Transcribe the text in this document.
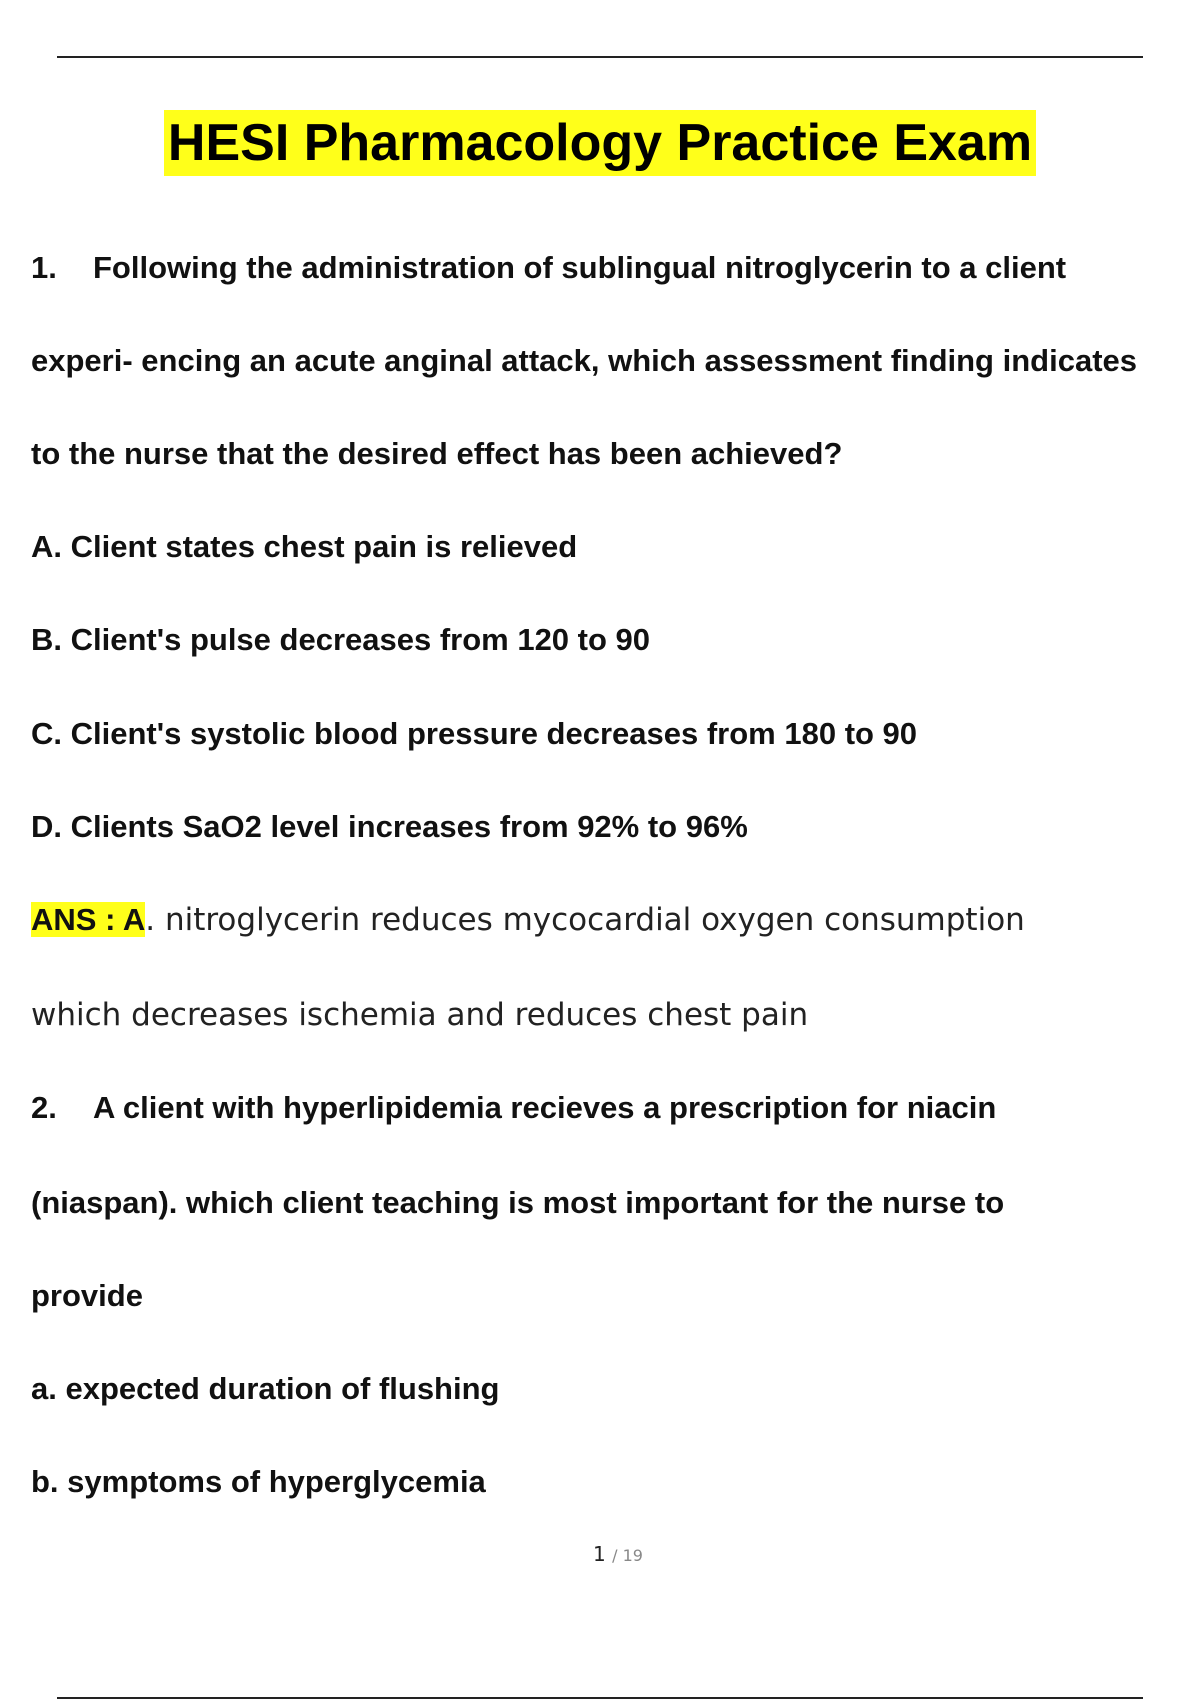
HESI Pharmacology Practice Exam
1. Following the administration of sublingual nitroglycerin to a client
experi- encing an acute anginal attack, which assessment finding indicates
to the nurse that the desired effect has been achieved?
A. Client states chest pain is relieved
B. Client's pulse decreases from 120 to 90
C. Client's systolic blood pressure decreases from 180 to 90
D. Clients SaO2 level increases from 92% to 96%
ANS : A. nitroglycerin reduces mycocardial oxygen consumption
which decreases ischemia and reduces chest pain
2. A client with hyperlipidemia recieves a prescription for niacin
(niaspan). which client teaching is most important for the nurse to
provide
a. expected duration of flushing
b. symptoms of hyperglycemia
1 / 19
